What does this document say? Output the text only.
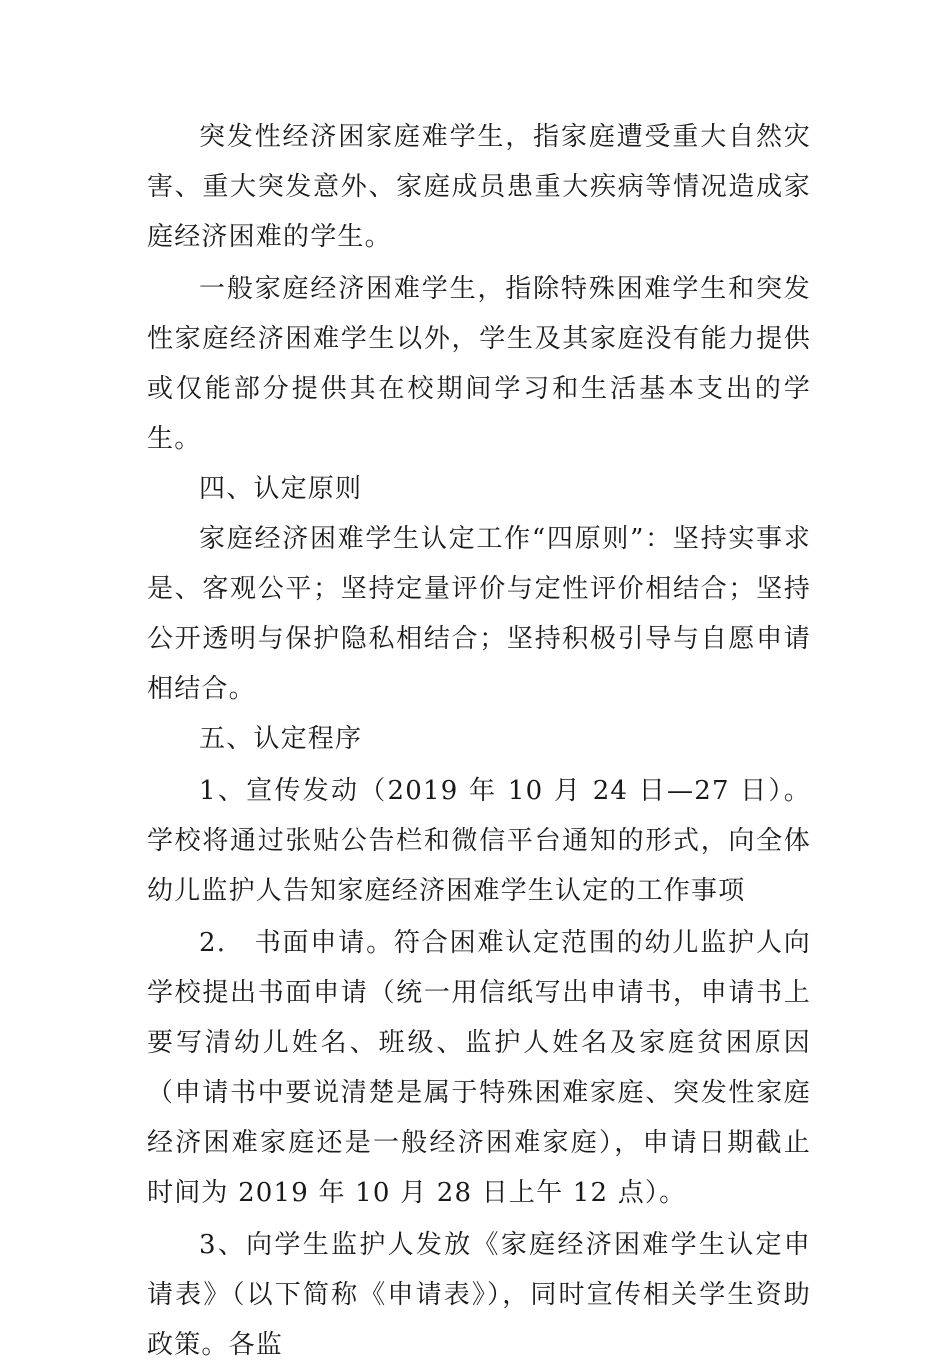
突发性经济困家庭难学生，指家庭遭受重大自然灾害、重大突发意外、家庭成员患重大疾病等情况造成家庭经济困难的学生。

一般家庭经济困难学生，指除特殊困难学生和突发性家庭经济困难学生以外，学生及其家庭没有能力提供或仅能部分提供其在校期间学习和生活基本支出的学生。

四、认定原则

家庭经济困难学生认定工作“四原则”：坚持实事求是、客观公平；坚持定量评价与定性评价相结合；坚持公开透明与保护隐私相结合；坚持积极引导与自愿申请相结合。

五、认定程序

1、宣传发动（2019 年 10 月 24 日—27 日）。学校将通过张贴公告栏和微信平台通知的形式，向全体幼儿监护人告知家庭经济困难学生认定的工作事项

2.　书面申请。符合困难认定范围的幼儿监护人向学校提出书面申请（统一用信纸写出申请书，申请书上要写清幼儿姓名、班级、监护人姓名及家庭贫困原因（申请书中要说清楚是属于特殊困难家庭、突发性家庭经济困难家庭还是一般经济困难家庭），申请日期截止时间为 2019 年 10 月 28 日上午 12 点）。

3、向学生监护人发放《家庭经济困难学生认定申请表》（以下简称《申请表》），同时宣传相关学生资助政策。各监
